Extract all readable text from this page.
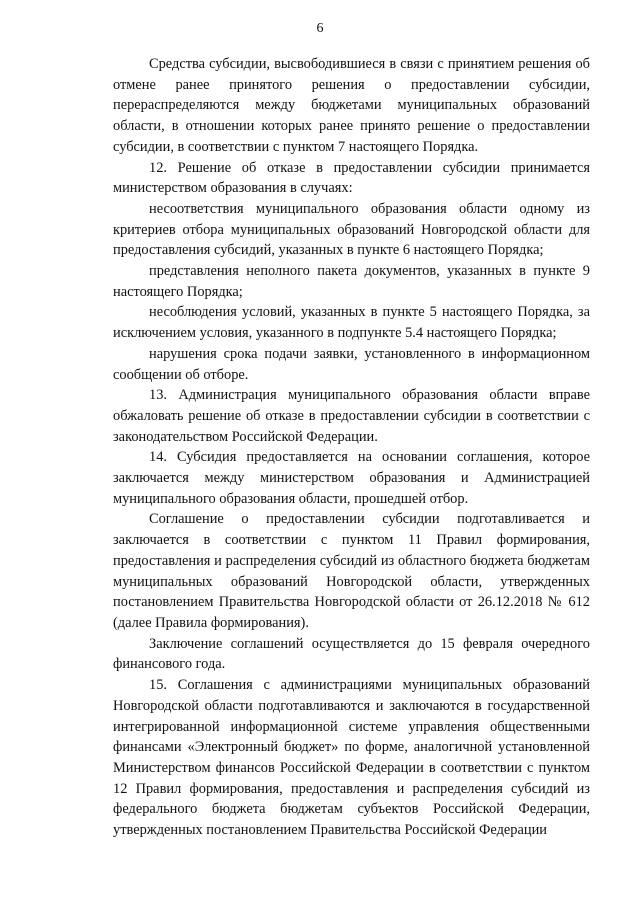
6

Средства субсидии, высвободившиеся в связи с принятием решения об отмене ранее принятого решения о предоставлении субсидии, перераспределяются между бюджетами муниципальных образований области, в отношении которых ранее принято решение о предоставлении субсидии, в соответствии с пунктом 7 настоящего Порядка.

12. Решение об отказе в предоставлении субсидии принимается министерством образования в случаях:

несоответствия муниципального образования области одному из критериев отбора муниципальных образований Новгородской области для предоставления субсидий, указанных в пункте 6 настоящего Порядка;

представления неполного пакета документов, указанных в пункте 9 настоящего Порядка;

несоблюдения условий, указанных в пункте 5 настоящего Порядка, за исключением условия, указанного в подпункте 5.4 настоящего Порядка;

нарушения срока подачи заявки, установленного в информационном сообщении об отборе.

13. Администрация муниципального образования области вправе обжаловать решение об отказе в предоставлении субсидии в соответствии с законодательством Российской Федерации.

14. Субсидия предоставляется на основании соглашения, которое заключается между министерством образования и Администрацией муниципального образования области, прошедшей отбор.

Соглашение о предоставлении субсидии подготавливается и заключается в соответствии с пунктом 11 Правил формирования, предоставления и распределения субсидий из областного бюджета бюджетам муниципальных образований Новгородской области, утвержденных постановлением Правительства Новгородской области от 26.12.2018 № 612 (далее Правила формирования).

Заключение соглашений осуществляется до 15 февраля очередного финансового года.

15. Соглашения с администрациями муниципальных образований Новгородской области подготавливаются и заключаются в государственной интегрированной информационной системе управления общественными финансами «Электронный бюджет» по форме, аналогичной установленной Министерством финансов Российской Федерации в соответствии с пунктом 12 Правил формирования, предоставления и распределения субсидий из федерального бюджета бюджетам субъектов Российской Федерации, утвержденных постановлением Правительства Российской Федерации
